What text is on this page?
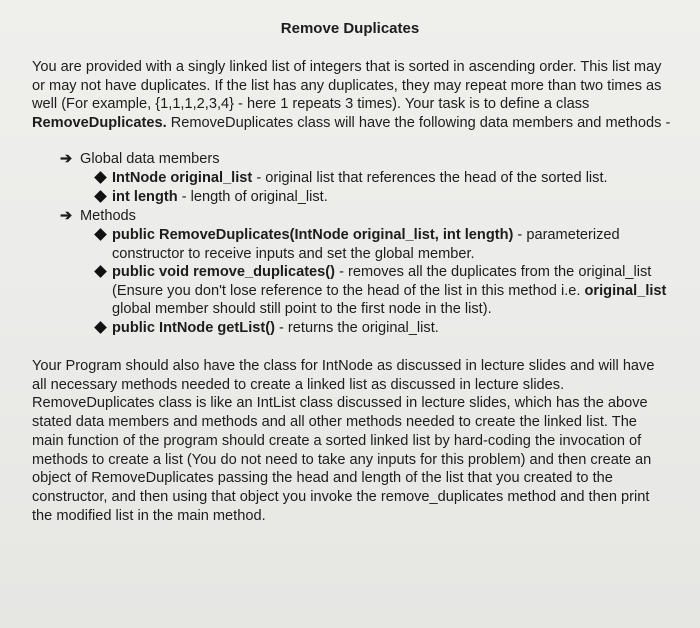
Remove Duplicates
You are provided with a singly linked list of integers that is sorted in ascending order. This list may or may not have duplicates. If the list has any duplicates, they may repeat more than two times as well (For example, {1,1,1,2,3,4} - here 1 repeats 3 times). Your task is to define a class RemoveDuplicates. RemoveDuplicates class will have the following data members and methods -
➔ Global data members
IntNode original_list - original list that references the head of the sorted list.
int length - length of original_list.
➔ Methods
public RemoveDuplicates(IntNode original_list, int length) - parameterized constructor to receive inputs and set the global member.
public void remove_duplicates() - removes all the duplicates from the original_list (Ensure you don't lose reference to the head of the list in this method i.e. original_list global member should still point to the first node in the list).
public IntNode getList() - returns the original_list.
Your Program should also have the class for IntNode as discussed in lecture slides and will have all necessary methods needed to create a linked list as discussed in lecture slides. RemoveDuplicates class is like an IntList class discussed in lecture slides, which has the above stated data members and methods and all other methods needed to create the linked list. The main function of the program should create a sorted linked list by hard-coding the invocation of methods to create a list (You do not need to take any inputs for this problem) and then create an object of RemoveDuplicates passing the head and length of the list that you created to the constructor, and then using that object you invoke the remove_duplicates method and then print the modified list in the main method.
